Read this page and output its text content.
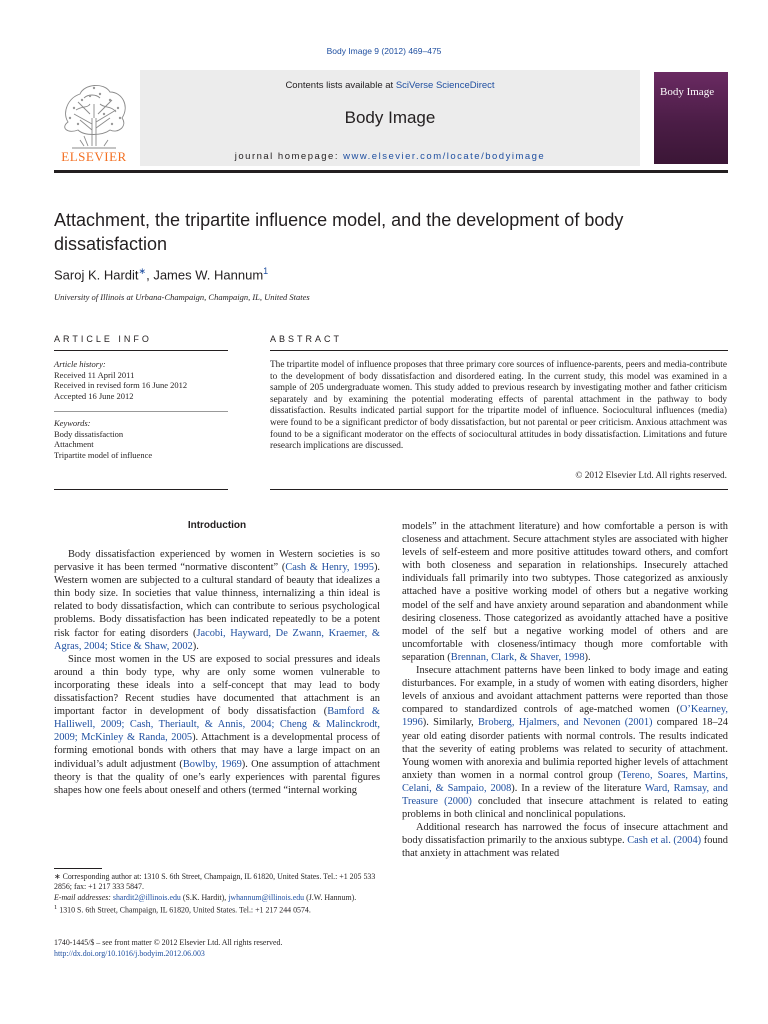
Body Image 9 (2012) 469–475
Contents lists available at SciVerse ScienceDirect
Body Image
journal homepage: www.elsevier.com/locate/bodyimage
ELSEVIER
Body Image
Attachment, the tripartite influence model, and the development of body dissatisfaction
Saroj K. Hardit∗, James W. Hannum$^1$
University of Illinois at Urbana-Champaign, Champaign, IL, United States
ARTICLE INFO
Article history:
Received 11 April 2011
Received in revised form 16 June 2012
Accepted 16 June 2012
Keywords:
Body dissatisfaction
Attachment
Tripartite model of influence
ABSTRACT
The tripartite model of influence proposes that three primary core sources of influence-parents, peers and media-contribute to the development of body dissatisfaction and disordered eating. In the current study, this model was examined in a sample of 205 undergraduate women. This study added to previous research by investigating mother and father criticism separately and by examining the potential moderating effects of parental attachment in the pathway to body dissatisfaction. Results indicated partial support for the tripartite model of influence. Sociocultural influences (media) were found to be a significant predictor of body dissatisfaction, but not parental or peer criticism. Anxious attachment was found to be a significant moderator on the effects of sociocultural attitudes in body dissatisfaction. Limitations and future research implications are discussed.
© 2012 Elsevier Ltd. All rights reserved.
Introduction

Body dissatisfaction experienced by women in Western societies is so pervasive it has been termed “normative discontent” (Cash & Henry, 1995). Western women are subjected to a cultural standard of beauty that idealizes a thin body size. In societies that value thinness, internalizing a thin ideal is related to body dissatisfaction, which can contribute to serious psychological problems. Body dissatisfaction has been indicated repeatedly to be a potent risk factor for eating disorders (Jacobi, Hayward, De Zwann, Kraemer, & Agras, 2004; Stice & Shaw, 2002).

Since most women in the US are exposed to social pressures and ideals around a thin body type, why are only some women vulnerable to incorporating these ideals into a self-concept that may lead to body dissatisfaction? Recent studies have documented that attachment is an important factor in development of body dissatisfaction (Bamford & Halliwell, 2009; Cash, Theriault, & Annis, 2004; Cheng & Malinckrodt, 2009; McKinley & Randa, 2005). Attachment is a developmental process of forming emotional bonds with others that may have a large impact on an individual’s adult adjustment (Bowlby, 1969). One assumption of attachment theory is that the quality of one’s early experiences with parental figures shapes how one feels about oneself and others (termed “internal working

∗ Corresponding author at: 1310 S. 6th Street, Champaign, IL 61820, United States. Tel.: +1 205 533 2856; fax: +1 217 333 5847.

E-mail addresses: shardit2@illinois.edu (S.K. Hardit), jwhannum@illinois.edu (J.W. Hannum).

$^1$ 1310 S. 6th Street, Champaign, IL 61820, United States. Tel.: +1 217 244 0574.

1740-1445/$ – see front matter © 2012 Elsevier Ltd. All rights reserved.
http://dx.doi.org/10.1016/j.bodyim.2012.06.003

models” in the attachment literature) and how comfortable a person is with closeness and attachment. Secure attachment styles are associated with higher levels of self-esteem and more positive attitudes toward others, and comfort with both closeness and separation in relationships. Insecurely attached individuals fall primarily into two subtypes. Those categorized as anxiously attached have a positive working model of others but a negative working model of the self and have anxiety around separation and abandonment while desiring closeness. Those categorized as avoidantly attached have a positive model of the self but a negative working model of others and are uncomfortable with closeness/intimacy though more comfortable with separation (Brennan, Clark, & Shaver, 1998).

Insecure attachment patterns have been linked to body image and eating disturbances. For example, in a study of women with eating disorders, higher levels of anxious and avoidant attachment patterns were reported than those compared to standardized controls of age-matched women (O’Kearney, 1996). Similarly, Broberg, Hjalmers, and Nevonen (2001) compared 18–24 year old eating disorder patients with normal controls. The results indicated that the severity of eating problems was related to security of attachment. Young women with anorexia and bulimia reported higher levels of attachment anxiety than women in a normal control group (Tereno, Soares, Martins, Celani, & Sampaio, 2008). In a review of the literature Ward, Ramsay, and Treasure (2000) concluded that insecure attachment is related to eating problems in both clinical and nonclinical populations.

Additional research has narrowed the focus of insecure attachment and body dissatisfaction primarily to the anxious subtype. Cash et al. (2004) found that anxiety in attachment was related
